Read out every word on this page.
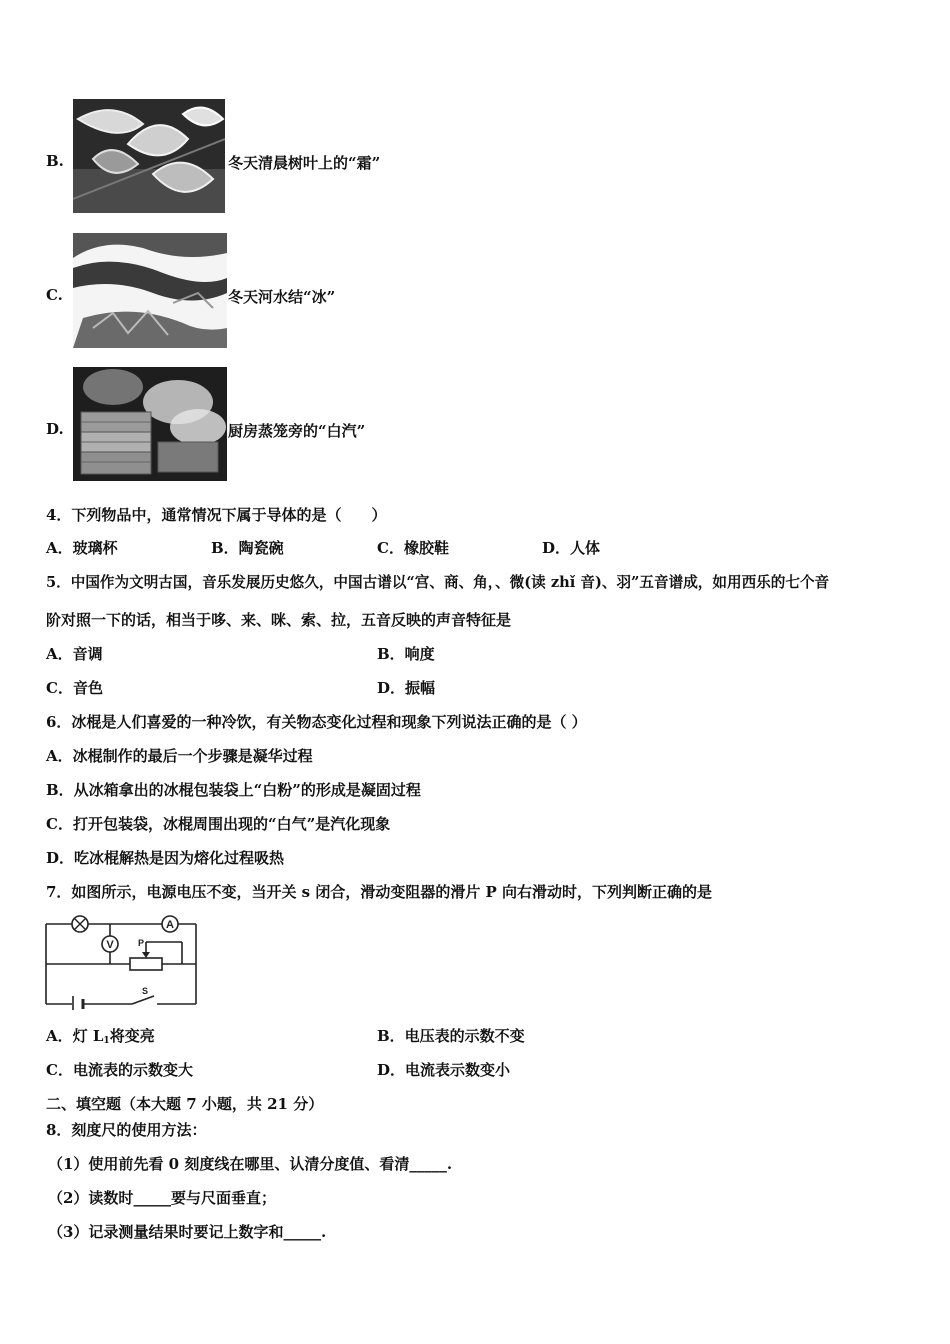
B.	冬天清晨树叶上的“霜”
C.	冬天河水结“冰”
D.	厨房蒸笼旁的“白汽”
4．下列物品中，通常情况下属于导体的是（　　）
A．玻璃杯	B．陶瓷碗	C．橡胶鞋	D．人体
5．中国作为文明古国，音乐发展历史悠久，中国古谱以“宫、商、角，、微(读 zhǐ 音)、羽”五音谱成，如用西乐的七个音
阶对照一下的话，相当于哆、来、咪、索、拉，五音反映的声音特征是
A．音调	B．响度
C．音色	D．振幅
6．冰棍是人们喜爱的一种冷饮，有关物态变化过程和现象下列说法正确的是（ ）
A．冰棍制作的最后一个步骤是凝华过程
B．从冰箱拿出的冰棍包装袋上“白粉”的形成是凝固过程
C．打开包装袋，冰棍周围出现的“白气”是汽化现象
D．吃冰棍解热是因为熔化过程吸热
7．如图所示，电源电压不变，当开关 s 闭合，滑动变阻器的滑片 P 向右滑动时，下列判断正确的是
A
V	P
S
A．灯 $L_1$将变亮	B．电压表的示数不变
C．电流表的示数变大	D．电流表示数变小
二、填空题（本大题 7 小题，共 21 分）
8．刻度尺的使用方法：
（1）使用前先看 0 刻度线在哪里、认清分度值、看清_____.
（2）读数时_____要与尺面垂直；
（3）记录测量结果时要记上数字和_____.
